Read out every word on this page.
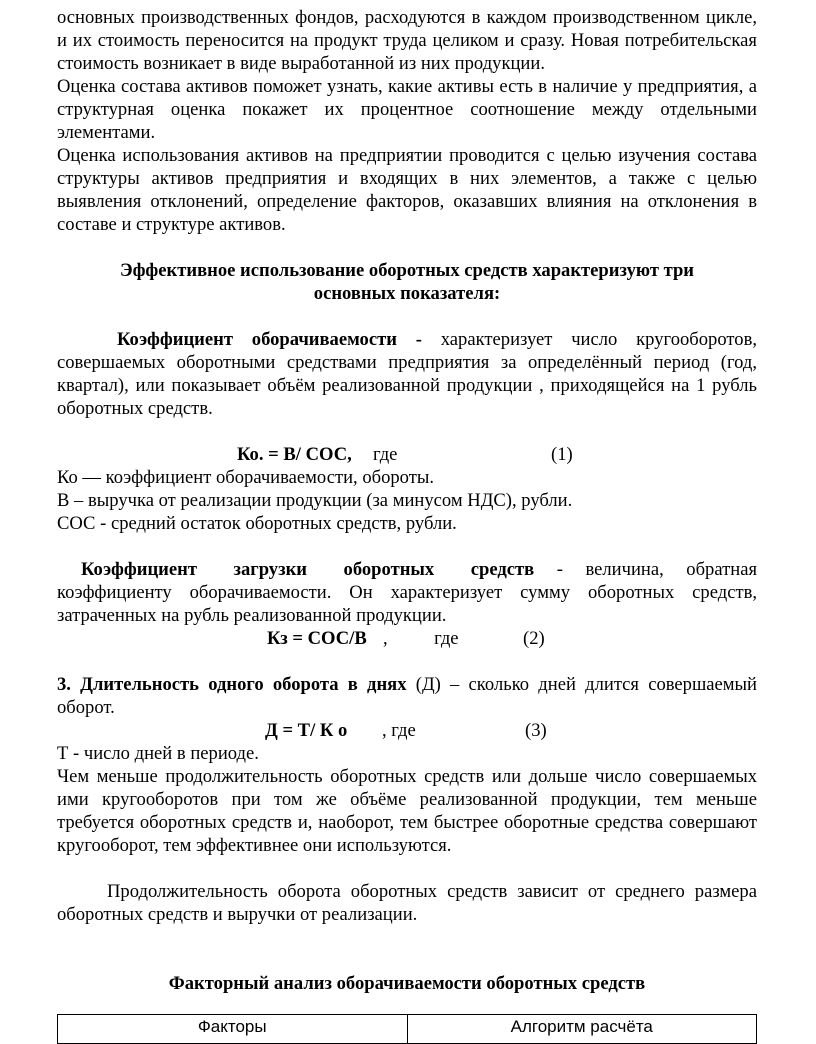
основных производственных фондов, расходуются в каждом производственном цикле, и их стоимость переносится на продукт труда целиком и сразу. Новая потребительская стоимость возникает в виде выработанной из них продукции.

Оценка состава активов поможет узнать, какие активы есть в наличие у предприятия, а структурная оценка покажет их процентное соотношение между отдельными элементами.

Оценка использования активов на предприятии проводится с целью изучения состава структуры активов предприятия и входящих в них элементов, а также с целью выявления отклонений, определение факторов, оказавших влияния на отклонения в составе и структуре активов.

Эффективное использование оборотных средств характеризуют три основных показателя:

Коэффициент оборачиваемости - характеризует число кругооборотов, совершаемых оборотными средствами предприятия за определённый период (год, квартал), или показывает объём реализованной продукции , приходящейся на 1 рубль оборотных средств.

Ко. = В/ СОС, где	(1)

Ко — коэффициент оборачиваемости, обороты.

В – выручка от реализации продукции (за минусом НДС), рубли.

СОС - средний остаток оборотных средств, рубли.

Коэффициент загрузки оборотных средств - величина, обратная коэффициенту оборачиваемости. Он характеризует сумму оборотных средств, затраченных на рубль реализованной продукции.

Кз = СОС/В ,          где	(2)

3. Длительность одного оборота в днях (Д) – сколько дней длится совершаемый оборот.

Д = Т/ К о , где	(3)

Т - число дней в периоде.

Чем меньше продолжительность оборотных средств или дольше число совершаемых ими кругооборотов при том же объёме реализованной продукции, тем меньше требуется оборотных средств и, наоборот, тем быстрее оборотные средства совершают кругооборот, тем эффективнее они используются.

Продолжительность оборота оборотных средств зависит от среднего размера оборотных средств и выручки от реализации.

Факторный анализ оборачиваемости оборотных средств

Факторы	Алгоритм расчёта
